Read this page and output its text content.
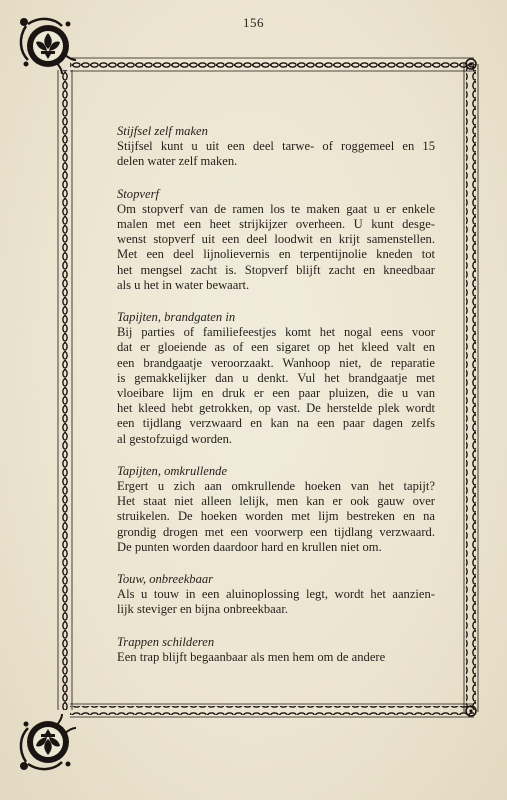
156
Stijfsel zelf maken
Stijfsel kunt u uit een deel tarwe- of roggemeel en 15
delen water zelf maken.
Stopverf
Om stopverf van de ramen los te maken gaat u er enkele
malen met een heet strijkijzer overheen. U kunt desge-
wenst stopverf uit een deel loodwit en krijt samenstellen.
Met een deel lijnolievernis en terpentijnolie kneden tot
het mengsel zacht is. Stopverf blijft zacht en kneedbaar
als u het in water bewaart.
Tapijten, brandgaten in
Bij parties of familiefeestjes komt het nogal eens voor
dat er gloeiende as of een sigaret op het kleed valt en
een brandgaatje veroorzaakt. Wanhoop niet, de reparatie
is gemakkelijker dan u denkt. Vul het brandgaatje met
vloeibare lijm en druk er een paar pluizen, die u van
het kleed hebt getrokken, op vast. De herstelde plek wordt
een tijdlang verzwaard en kan na een paar dagen zelfs
al gestofzuigd worden.
Tapijten, omkrullende
Ergert u zich aan omkrullende hoeken van het tapijt?
Het staat niet alleen lelijk, men kan er ook gauw over
struikelen. De hoeken worden met lijm bestreken en na
grondig drogen met een voorwerp een tijdlang verzwaard.
De punten worden daardoor hard en krullen niet om.
Touw, onbreekbaar
Als u touw in een aluinoplossing legt, wordt het aanzien-
lijk steviger en bijna onbreekbaar.
Trappen schilderen
Een trap blijft begaanbaar als men hem om de andere
